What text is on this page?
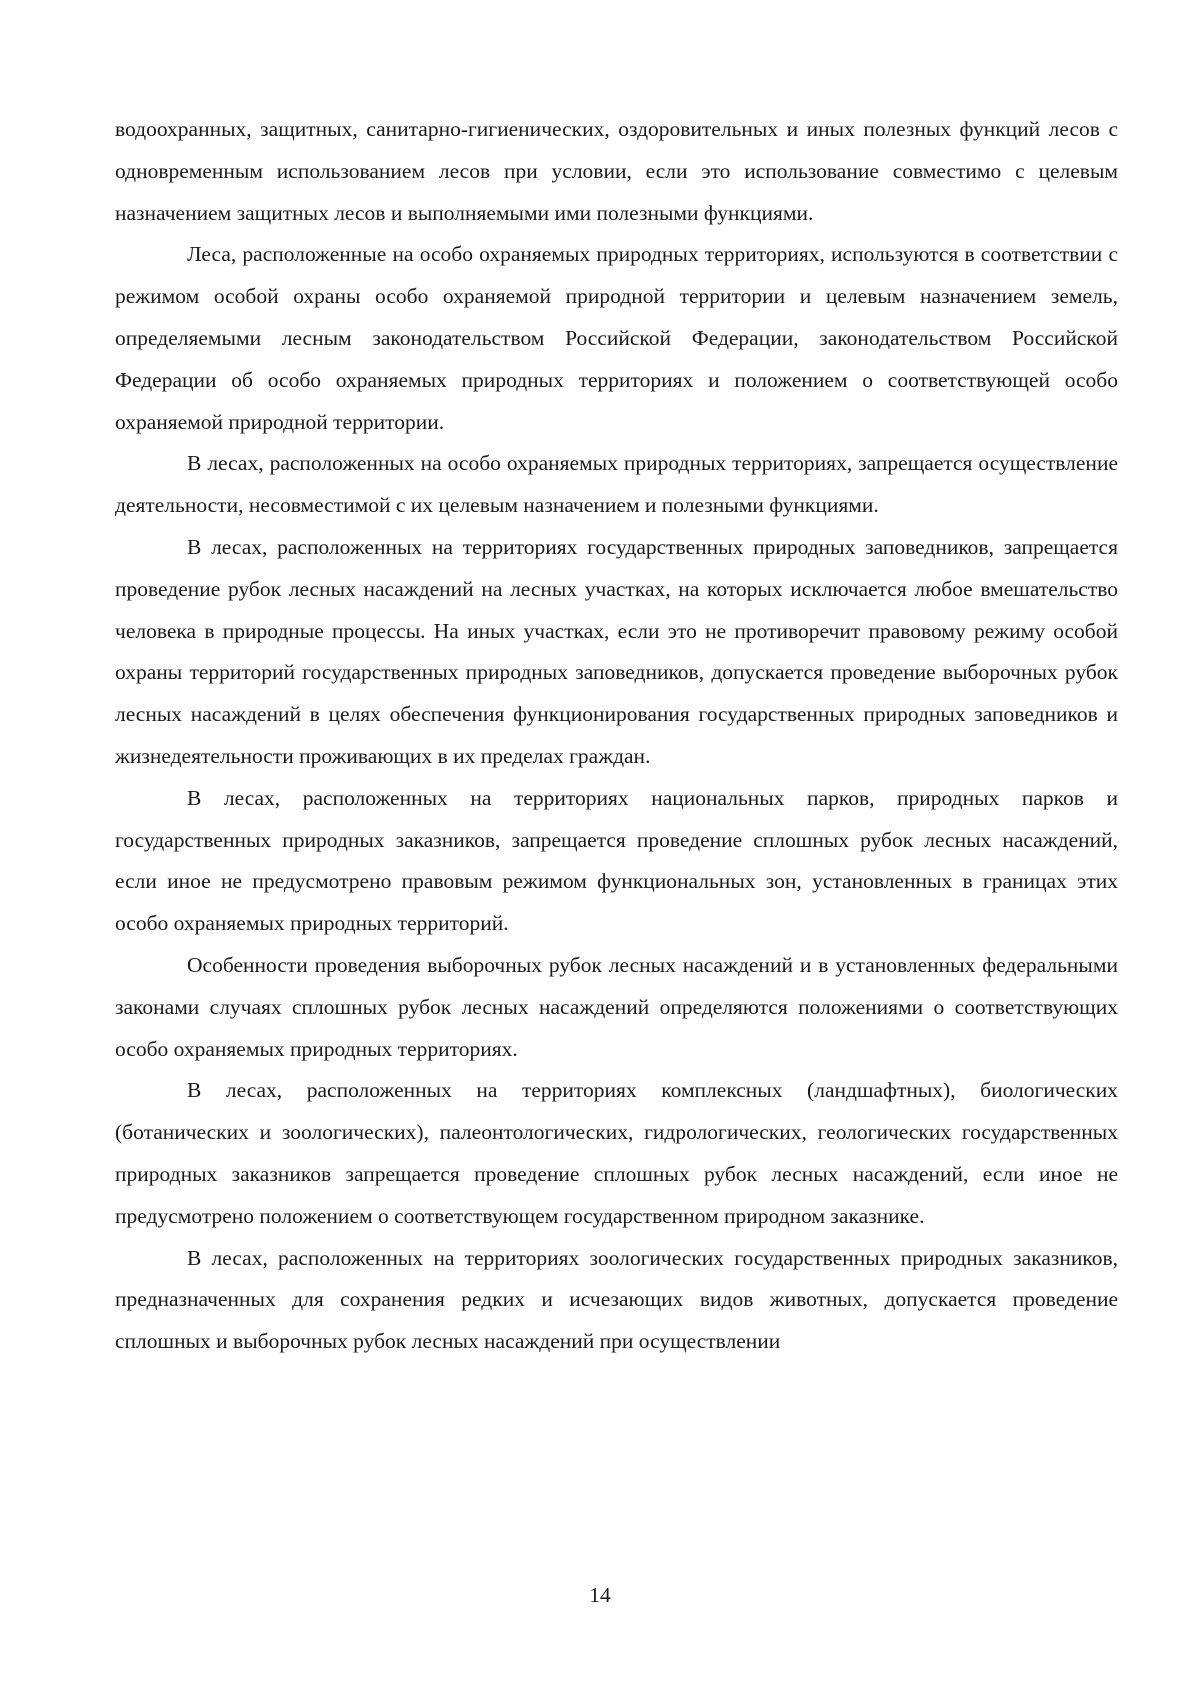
водоохранных, защитных, санитарно-гигиенических, оздоровительных и иных полезных функций лесов с одновременным использованием лесов при условии, если это использование совместимо с целевым назначением защитных лесов и выполняемыми ими полезными функциями.

Леса, расположенные на особо охраняемых природных территориях, используются в соответствии с режимом особой охраны особо охраняемой природной территории и целевым назначением земель, определяемыми лесным законодательством Российской Федерации, законодательством Российской Федерации об особо охраняемых природных территориях и положением о соответствующей особо охраняемой природной территории.

В лесах, расположенных на особо охраняемых природных территориях, запрещается осуществление деятельности, несовместимой с их целевым назначением и полезными функциями.

В лесах, расположенных на территориях государственных природных заповедников, запрещается проведение рубок лесных насаждений на лесных участках, на которых исключается любое вмешательство человека в природные процессы. На иных участках, если это не противоречит правовому режиму особой охраны территорий государственных природных заповедников, допускается проведение выборочных рубок лесных насаждений в целях обеспечения функционирования государственных природных заповедников и жизнедеятельности проживающих в их пределах граждан.

В лесах, расположенных на территориях национальных парков, природных парков и государственных природных заказников, запрещается проведение сплошных рубок лесных насаждений, если иное не предусмотрено правовым режимом функциональных зон, установленных в границах этих особо охраняемых природных территорий.

Особенности проведения выборочных рубок лесных насаждений и в установленных федеральными законами случаях сплошных рубок лесных насаждений определяются положениями о соответствующих особо охраняемых природных территориях.

В лесах, расположенных на территориях комплексных (ландшафтных), биологических (ботанических и зоологических), палеонтологических, гидрологических, геологических государственных природных заказников запрещается проведение сплошных рубок лесных насаждений, если иное не предусмотрено положением о соответствующем государственном природном заказнике.

В лесах, расположенных на территориях зоологических государственных природных заказников, предназначенных для сохранения редких и исчезающих видов животных, допускается проведение сплошных и выборочных рубок лесных насаждений при осуществлении

14
